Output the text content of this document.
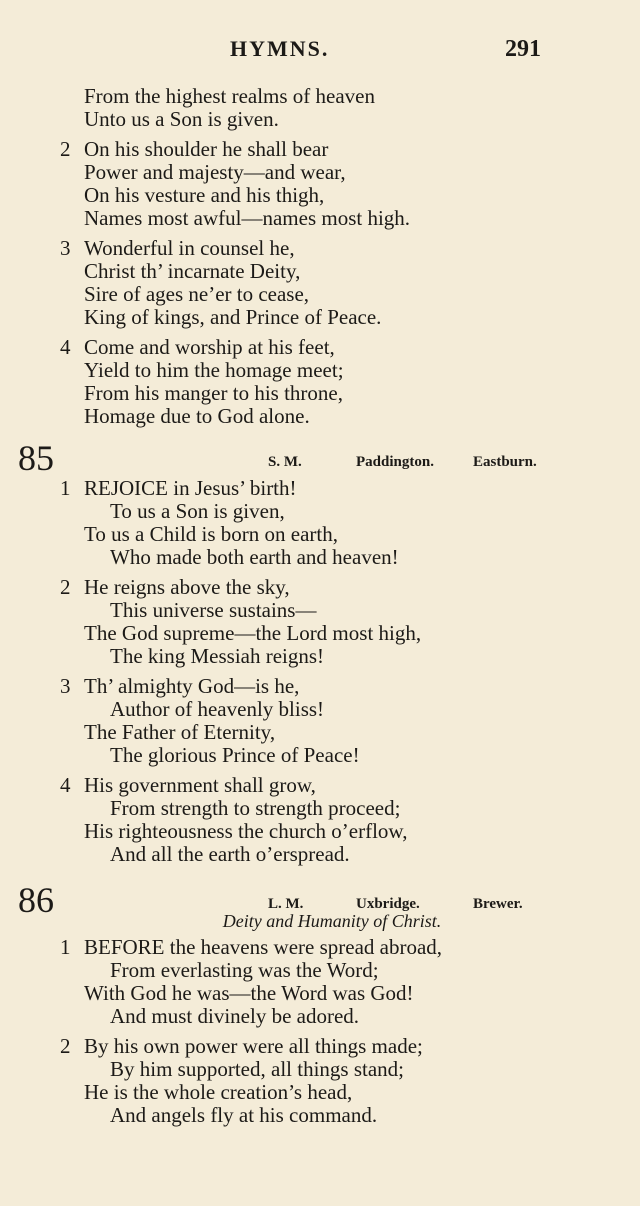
HYMNS.	291
From the highest realms of heaven
Unto us a Son is given.
2 On his shoulder he shall bear
Power and majesty—and wear,
On his vesture and his thigh,
Names most awful—names most high.
3 Wonderful in counsel he,
Christ th’ incarnate Deity,
Sire of ages ne’er to cease,
King of kings, and Prince of Peace.
4 Come and worship at his feet,
Yield to him the homage meet;
From his manger to his throne,
Homage due to God alone.
85	S. M.	Paddington.	Eastburn.
1 REJOICE in Jesus’ birth!
To us a Son is given,
To us a Child is born on earth,
Who made both earth and heaven!
2 He reigns above the sky,
This universe sustains—
The God supreme—the Lord most high,
The king Messiah reigns!
3 Th’ almighty God—is he,
Author of heavenly bliss!
The Father of Eternity,
The glorious Prince of Peace!
4 His government shall grow,
From strength to strength proceed;
His righteousness the church o’erflow,
And all the earth o’erspread.
86	L. M.	Uxbridge.	Brewer.
Deity and Humanity of Christ.
1 BEFORE the heavens were spread abroad,
From everlasting was the Word;
With God he was—the Word was God!
And must divinely be adored.
2 By his own power were all things made;
By him supported, all things stand;
He is the whole creation’s head,
And angels fly at his command.
